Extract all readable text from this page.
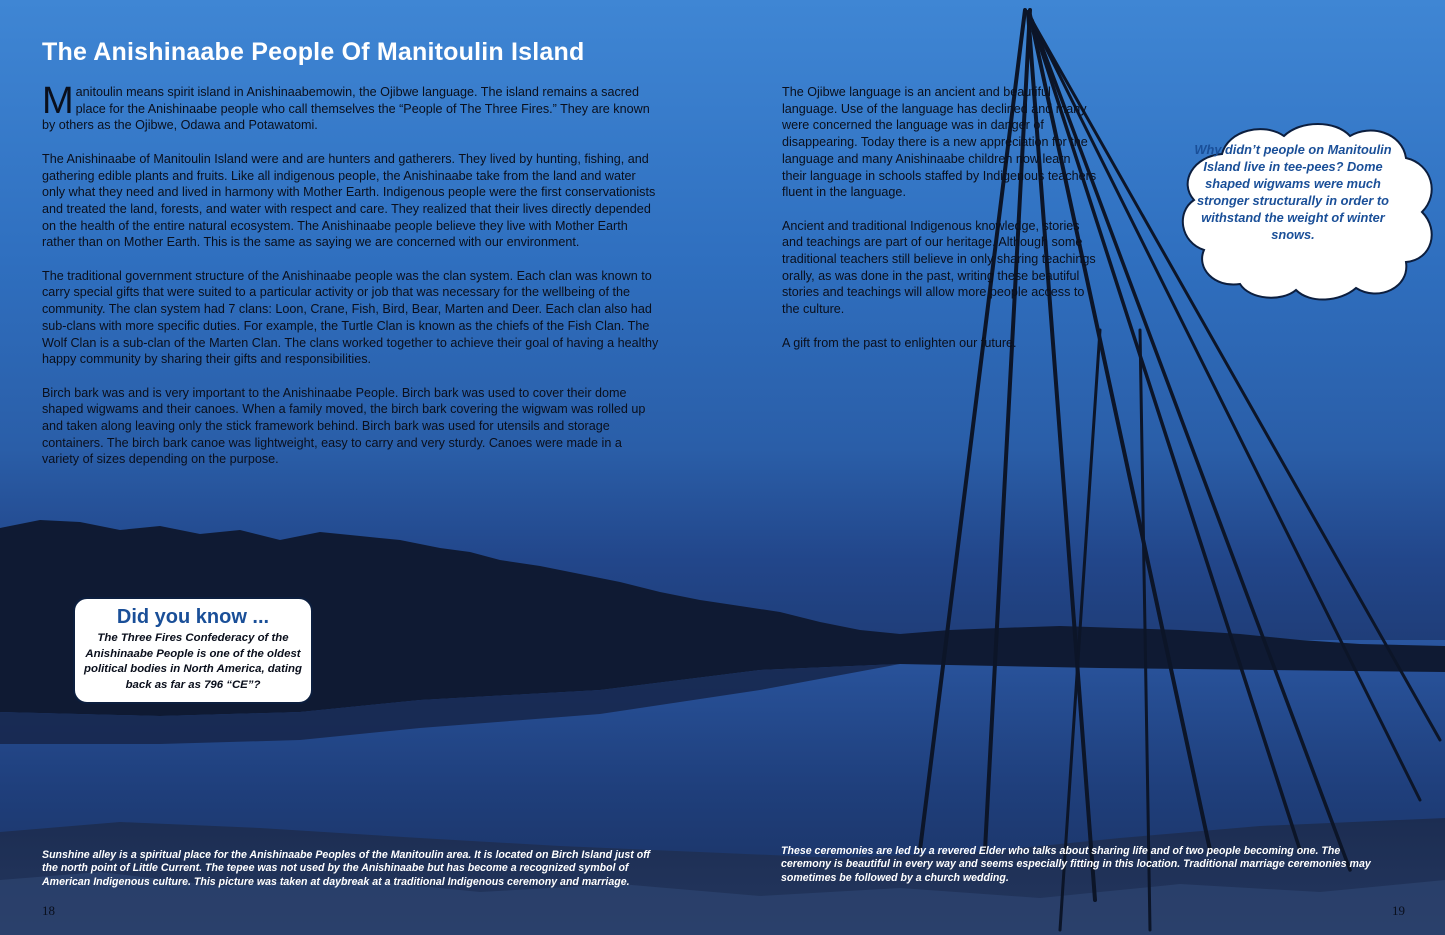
The Anishinaabe People Of Manitoulin Island

Manitoulin means spirit island in Anishinaabemowin, the Ojibwe language. The island remains a sacred place for the Anishinaabe people who call themselves the “People of The Three Fires.” They are known by others as the Ojibwe, Odawa and Potawatomi.

The Anishinaabe of Manitoulin Island were and are hunters and gatherers. They lived by hunting, fishing, and gathering edible plants and fruits. Like all indigenous people, the Anishinaabe take from the land and water only what they need and lived in harmony with Mother Earth. Indigenous people were the first conservationists and treated the land, forests, and water with respect and care. They realized that their lives directly depended on the health of the entire natural ecosystem. The Anishinaabe people believe they live with Mother Earth rather than on Mother Earth. This is the same as saying we are concerned with our environment.

The traditional government structure of the Anishinaabe people was the clan system. Each clan was known to carry special gifts that were suited to a particular activity or job that was necessary for the wellbeing of the community. The clan system had 7 clans: Loon, Crane, Fish, Bird, Bear, Marten and Deer. Each clan also had sub-clans with more specific duties. For example, the Turtle Clan is known as the chiefs of the Fish Clan. The Wolf Clan is a sub-clan of the Marten Clan. The clans worked together to achieve their goal of having a healthy happy community by sharing their gifts and responsibilities.

Birch bark was and is very important to the Anishinaabe People. Birch bark was used to cover their dome shaped wigwams and their canoes. When a family moved, the birch bark covering the wigwam was rolled up and taken along leaving only the stick framework behind. Birch bark was used for utensils and storage containers. The birch bark canoe was lightweight, easy to carry and very sturdy. Canoes were made in a variety of sizes depending on the purpose.

The Ojibwe language is an ancient and beautiful language. Use of the language has declined and many were concerned the language was in danger of disappearing. Today there is a new appreciation for the language and many Anishinaabe children now learn their language in schools staffed by Indigenous teachers fluent in the language.

Ancient and traditional Indigenous knowledge, stories and teachings are part of our heritage. Although some traditional teachers still believe in only sharing teachings orally, as was done in the past, writing these beautiful stories and teachings will allow more people access to the culture.

A gift from the past to enlighten our future.

Why didn’t people on Manitoulin Island live in tee-pees? Dome shaped wigwams were much stronger structurally in order to withstand the weight of winter snows.
Did you know ...
The Three Fires Confederacy of the Anishinaabe People is one of the oldest political bodies in North America, dating back as far as 796 “CE”?
Sunshine alley is a spiritual place for the Anishinaabe Peoples of the Manitoulin area. It is located on Birch Island just off the north point of Little Current. The tepee was not used by the Anishinaabe but has become a recognized symbol of American Indigenous culture. This picture was taken at daybreak at a traditional Indigenous ceremony and marriage.
These ceremonies are led by a revered Elder who talks about sharing life and of two people becoming one. The ceremony is beautiful in every way and seems especially fitting in this location. Traditional marriage ceremonies may sometimes be followed by a church wedding.
18	19
